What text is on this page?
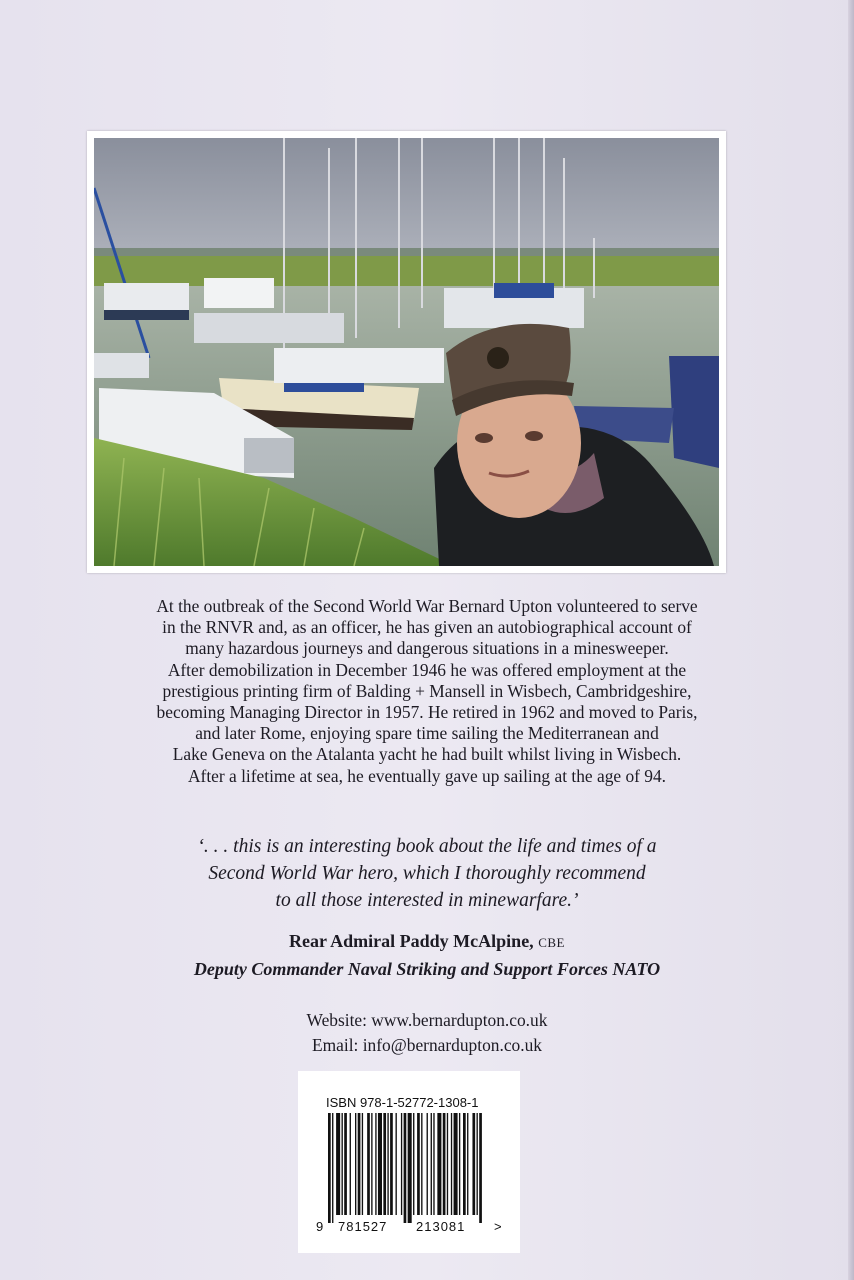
At the outbreak of the Second World War Bernard Upton volunteered to serve
in the RNVR and, as an officer, he has given an autobiographical account of
many hazardous journeys and dangerous situations in a minesweeper.
After demobilization in December 1946 he was offered employment at the
prestigious printing firm of Balding + Mansell in Wisbech, Cambridgeshire,
becoming Managing Director in 1957. He retired in 1962 and moved to Paris,
and later Rome, enjoying spare time sailing the Mediterranean and
Lake Geneva on the Atalanta yacht he had built whilst living in Wisbech.
After a lifetime at sea, he eventually gave up sailing at the age of 94.
‘. . . this is an interesting book about the life and times of a
Second World War hero, which I thoroughly recommend
to all those interested in minewarfare.’
Rear Admiral Paddy McAlpine, CBE
Deputy Commander Naval Striking and Support Forces NATO
Website: www.bernardupton.co.uk
Email: info@bernardupton.co.uk
ISBN 978-1-52772-1308-1
9 781527 213081 >
